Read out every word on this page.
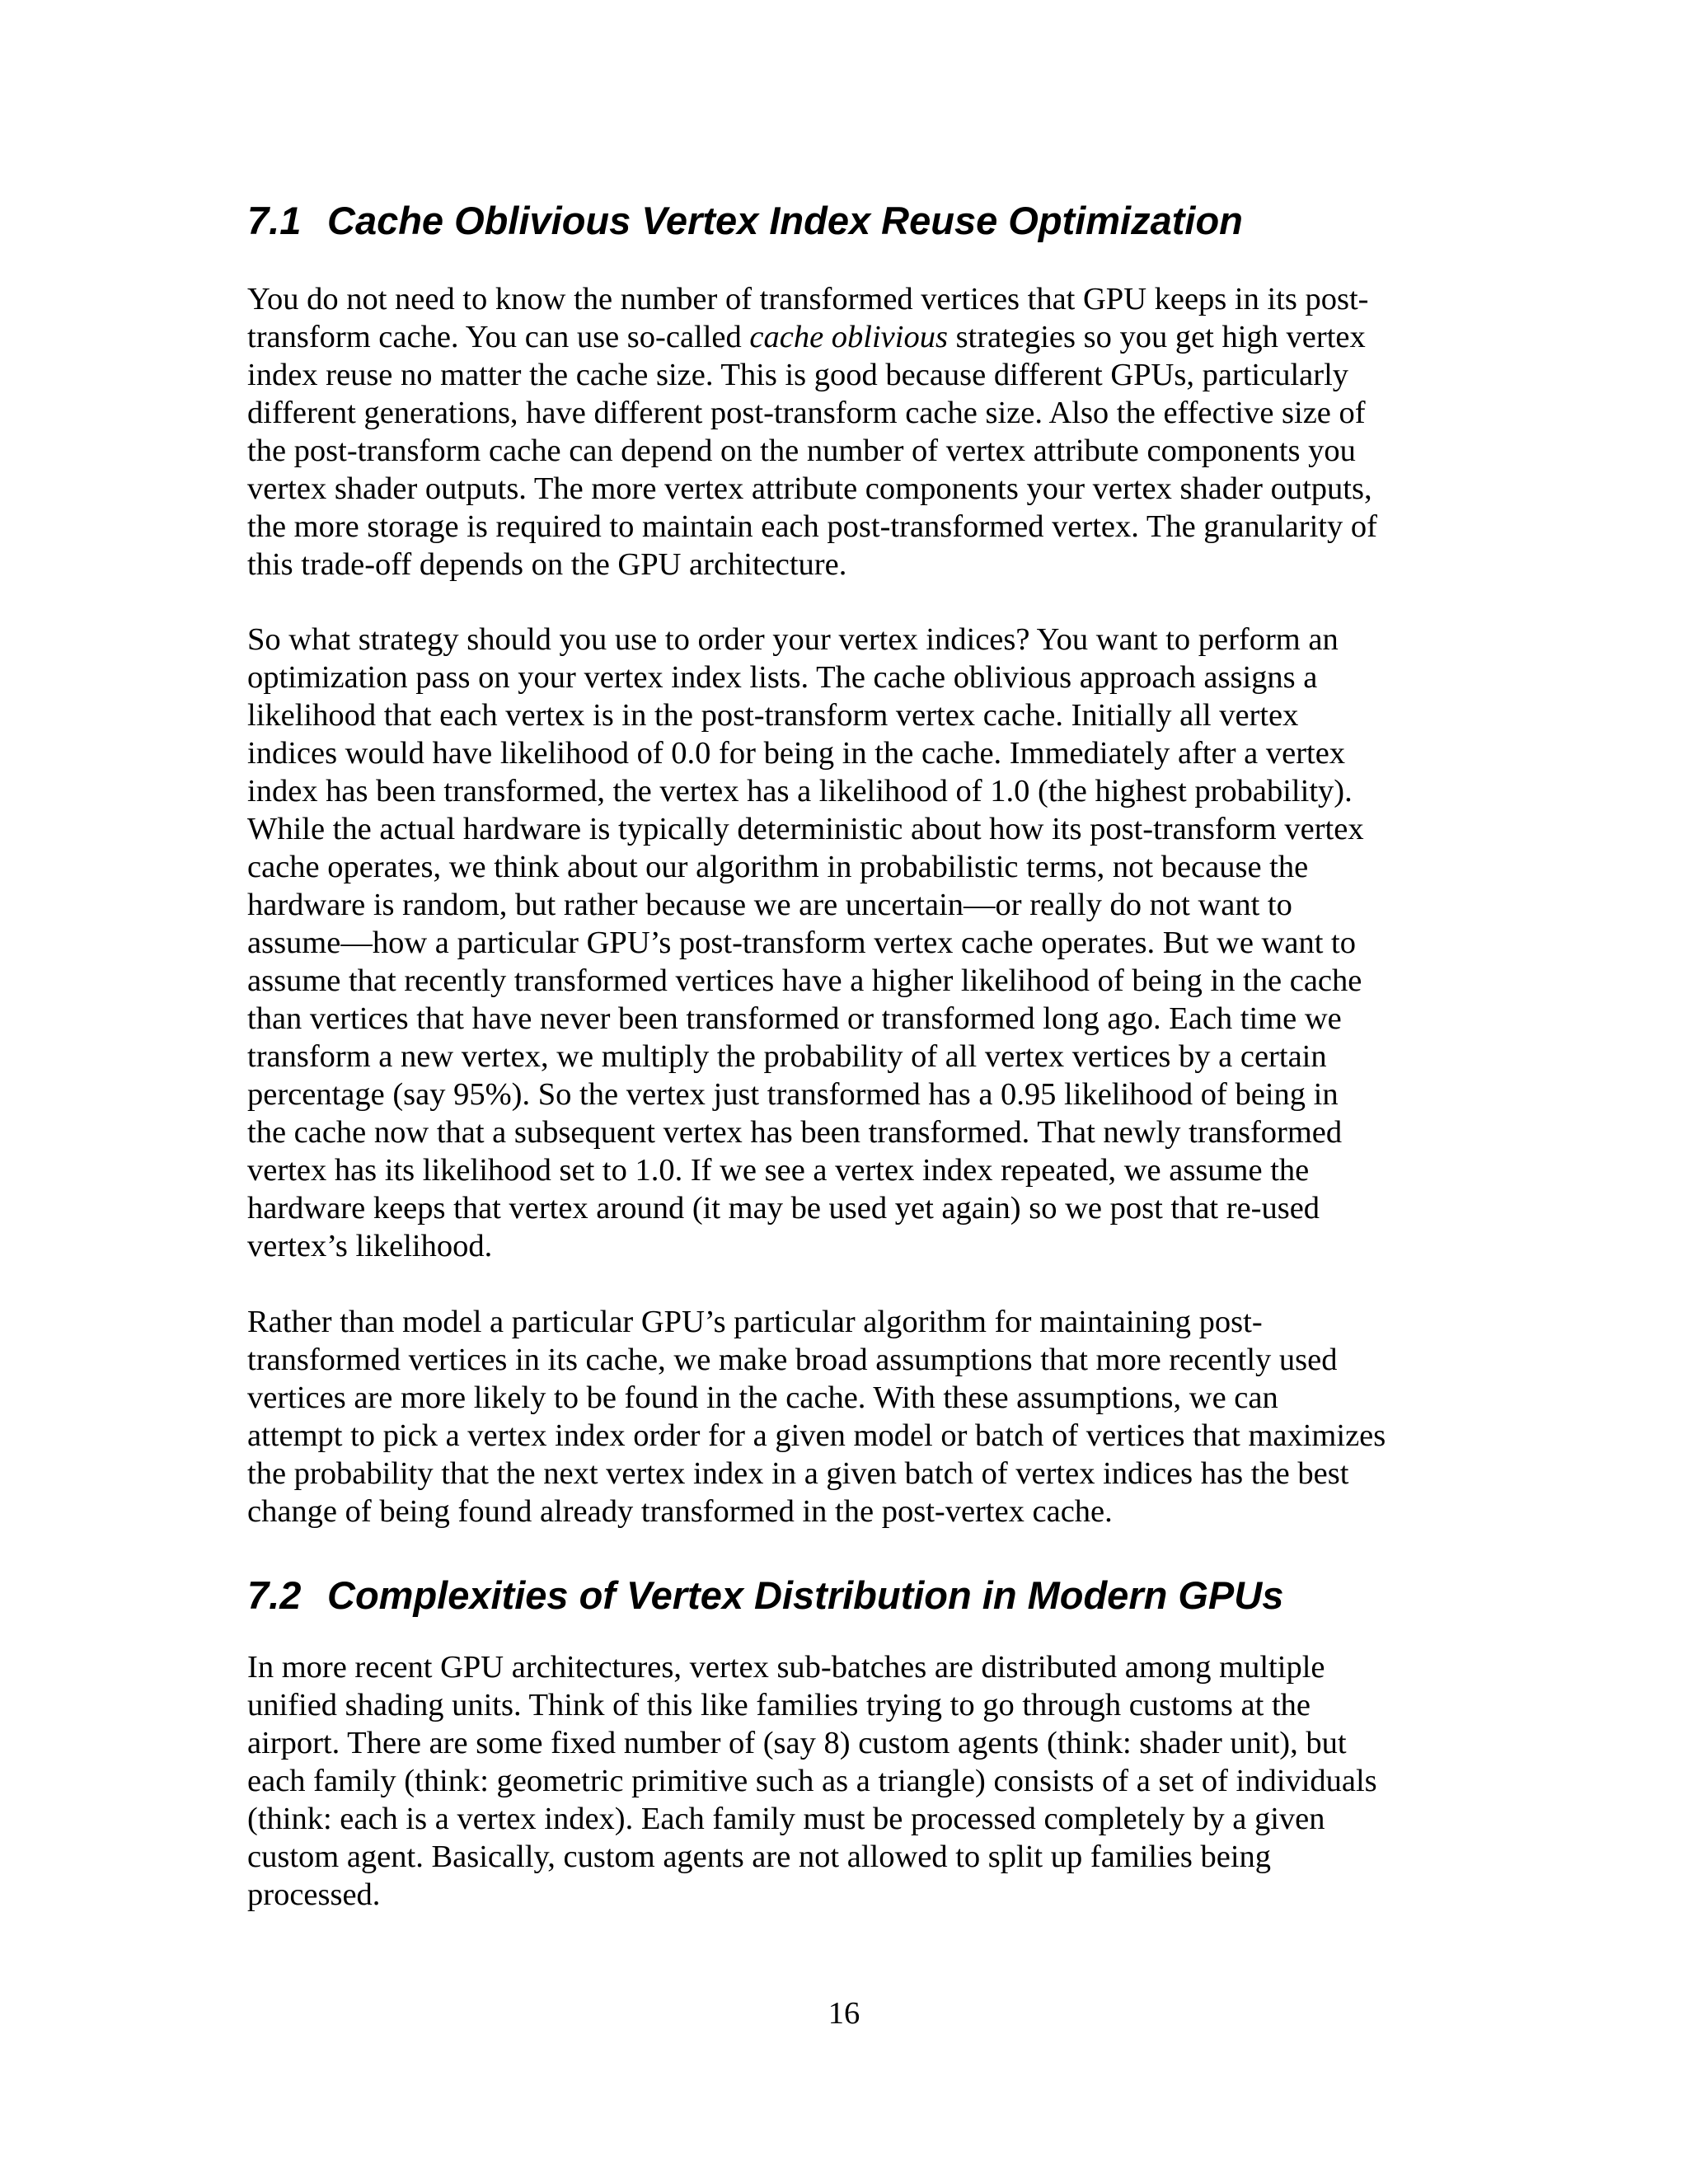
7.1 Cache Oblivious Vertex Index Reuse Optimization

You do not need to know the number of transformed vertices that GPU keeps in its post-
transform cache. You can use so-called cache oblivious strategies so you get high vertex
index reuse no matter the cache size. This is good because different GPUs, particularly
different generations, have different post-transform cache size. Also the effective size of
the post-transform cache can depend on the number of vertex attribute components you
vertex shader outputs. The more vertex attribute components your vertex shader outputs,
the more storage is required to maintain each post-transformed vertex. The granularity of
this trade-off depends on the GPU architecture.

So what strategy should you use to order your vertex indices? You want to perform an
optimization pass on your vertex index lists. The cache oblivious approach assigns a
likelihood that each vertex is in the post-transform vertex cache. Initially all vertex
indices would have likelihood of 0.0 for being in the cache. Immediately after a vertex
index has been transformed, the vertex has a likelihood of 1.0 (the highest probability).
While the actual hardware is typically deterministic about how its post-transform vertex
cache operates, we think about our algorithm in probabilistic terms, not because the
hardware is random, but rather because we are uncertain—or really do not want to
assume—how a particular GPU’s post-transform vertex cache operates. But we want to
assume that recently transformed vertices have a higher likelihood of being in the cache
than vertices that have never been transformed or transformed long ago. Each time we
transform a new vertex, we multiply the probability of all vertex vertices by a certain
percentage (say 95%). So the vertex just transformed has a 0.95 likelihood of being in
the cache now that a subsequent vertex has been transformed. That newly transformed
vertex has its likelihood set to 1.0. If we see a vertex index repeated, we assume the
hardware keeps that vertex around (it may be used yet again) so we post that re-used
vertex’s likelihood.

Rather than model a particular GPU’s particular algorithm for maintaining post-
transformed vertices in its cache, we make broad assumptions that more recently used
vertices are more likely to be found in the cache. With these assumptions, we can
attempt to pick a vertex index order for a given model or batch of vertices that maximizes
the probability that the next vertex index in a given batch of vertex indices has the best
change of being found already transformed in the post-vertex cache.

7.2 Complexities of Vertex Distribution in Modern GPUs

In more recent GPU architectures, vertex sub-batches are distributed among multiple
unified shading units. Think of this like families trying to go through customs at the
airport. There are some fixed number of (say 8) custom agents (think: shader unit), but
each family (think: geometric primitive such as a triangle) consists of a set of individuals
(think: each is a vertex index). Each family must be processed completely by a given
custom agent. Basically, custom agents are not allowed to split up families being
processed.

16
